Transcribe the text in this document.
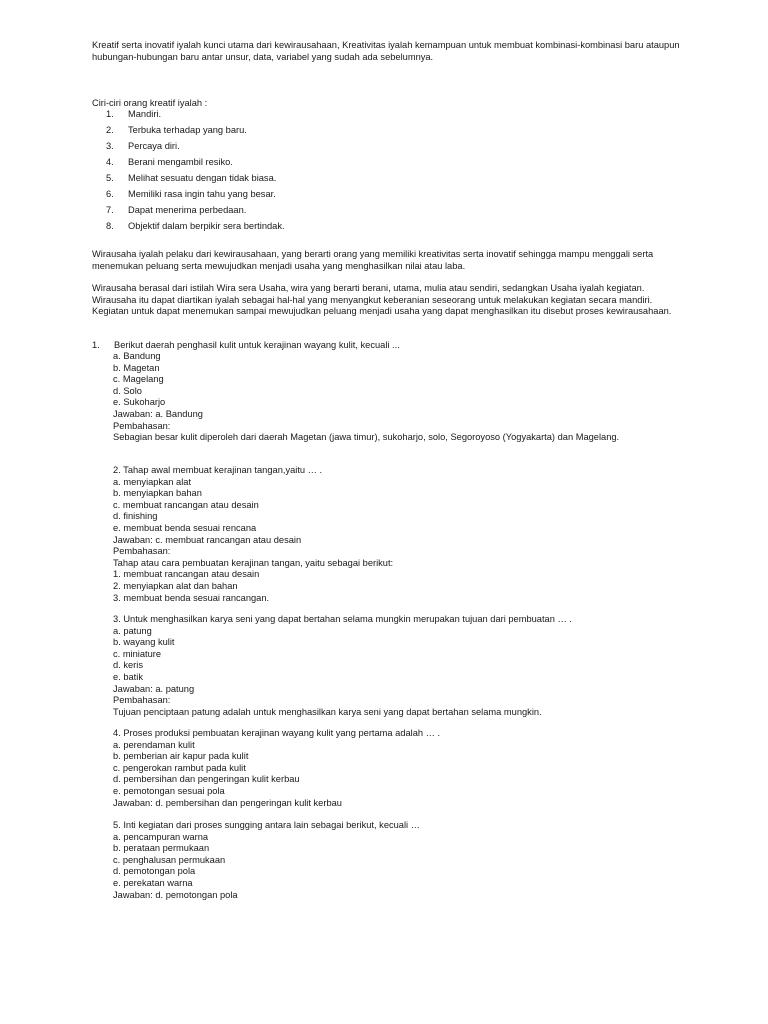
Kreatif serta inovatif iyalah kunci utama dari kewirausahaan, Kreativitas iyalah kemampuan untuk membuat kombinasi-kombinasi baru ataupun hubungan-hubungan baru antar unsur, data, variabel yang sudah ada sebelumnya.

Ciri-ciri orang kreatif iyalah :

1.	Mandiri.
2.	Terbuka terhadap yang baru.
3.	Percaya diri.
4.	Berani mengambil resiko.
5.	Melihat sesuatu dengan tidak biasa.
6.	Memiliki rasa ingin tahu yang besar.
7.	Dapat menerima perbedaan.
8.	Objektif dalam berpikir sera bertindak.

Wirausaha iyalah pelaku dari kewirausahaan, yang berarti orang yang memiliki kreativitas serta inovatif sehingga mampu menggali serta menemukan peluang serta mewujudkan menjadi usaha yang menghasilkan nilai atau laba.

Wirausaha berasal dari istilah Wira sera Usaha, wira yang berarti berani, utama, mulia atau sendiri, sedangkan Usaha iyalah kegiatan. Wirausaha itu dapat diartikan iyalah sebagai hal-hal yang menyangkut keberanian seseorang untuk melakukan kegiatan secara mandiri. Kegiatan untuk dapat menemukan sampai mewujudkan peluang menjadi usaha yang dapat menghasilkan itu disebut proses kewirausahaan.

1. Berikut daerah penghasil kulit untuk kerajinan wayang kulit, kecuali ...
a. Bandung
b. Magetan
c. Magelang
d. Solo
e. Sukoharjo
Jawaban: a. Bandung
Pembahasan:
Sebagian besar kulit diperoleh dari daerah Magetan (jawa timur), sukoharjo, solo, Segoroyoso (Yogyakarta) dan Magelang.
2. Tahap awal membuat kerajinan tangan,yaitu … .
a. menyiapkan alat
b. menyiapkan bahan
c. membuat rancangan atau desain
d. finishing
e. membuat benda sesuai rencana
Jawaban: c. membuat rancangan atau desain
Pembahasan:
Tahap atau cara pembuatan kerajinan tangan, yaitu sebagai berikut:
1. membuat rancangan atau desain
2. menyiapkan alat dan bahan
3. membuat benda sesuai rancangan.
3. Untuk menghasilkan karya seni yang dapat bertahan selama mungkin merupakan tujuan dari pembuatan … .
a. patung
b. wayang kulit
c. miniature
d. keris
e. batik
Jawaban: a. patung
Pembahasan:
Tujuan penciptaan patung adalah untuk menghasilkan karya seni yang dapat bertahan selama mungkin.
4. Proses produksi pembuatan kerajinan wayang kulit yang pertama adalah … .
a. perendaman kulit
b. pemberian air kapur pada kulit
c. pengerokan rambut pada kulit
d. pembersihan dan pengeringan kulit kerbau
e. pemotongan sesuai pola
Jawaban: d. pembersihan dan pengeringan kulit kerbau
5. Inti kegiatan dari proses sungging antara lain sebagai berikut, kecuali …
a. pencampuran warna
b. perataan permukaan
c. penghalusan permukaan
d. pemotongan pola
e. perekatan warna
Jawaban: d. pemotongan pola
